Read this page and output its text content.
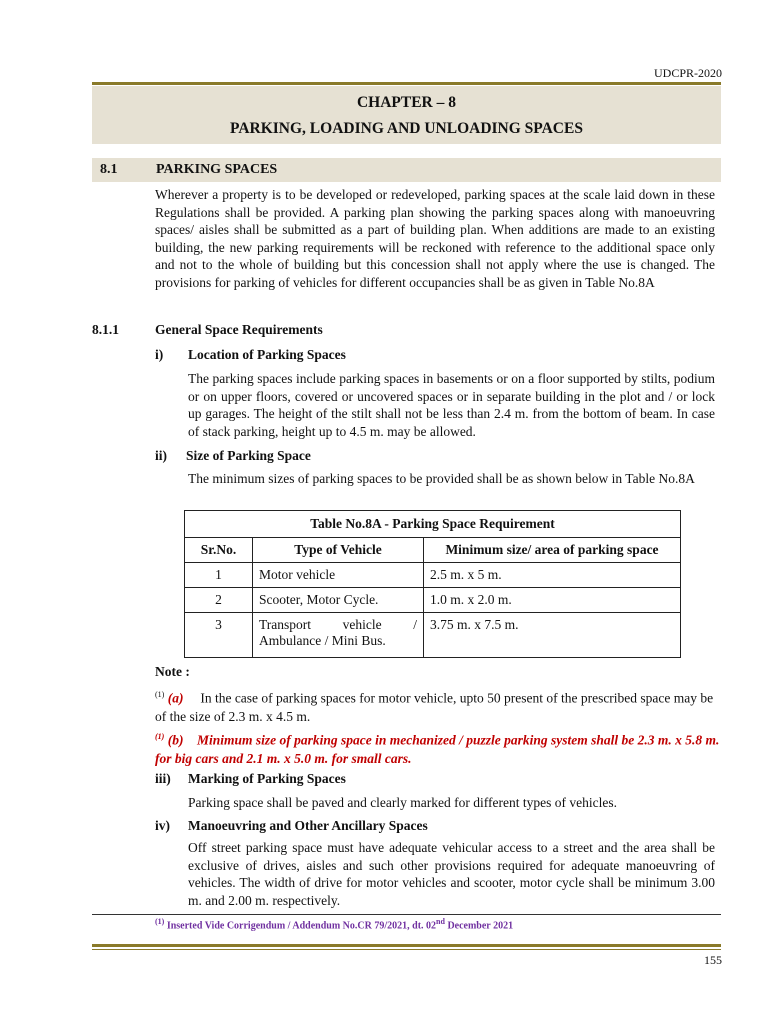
UDCPR-2020
CHAPTER – 8
PARKING, LOADING AND UNLOADING SPACES
8.1	PARKING SPACES

Wherever a property is to be developed or redeveloped, parking spaces at the scale laid down in these Regulations shall be provided. A parking plan showing the parking spaces along with manoeuvring spaces/ aisles shall be submitted as a part of building plan. When additions are made to an existing building, the new parking requirements will be reckoned with reference to the additional space only and not to the whole of building but this concession shall not apply where the use is changed. The provisions for parking of vehicles for different occupancies shall be as given in Table No.8A

8.1.1	General Space Requirements
i) Location of Parking Spaces

The parking spaces include parking spaces in basements or on a floor supported by stilts, podium or on upper floors, covered or uncovered spaces or in separate building in the plot and / or lock up garages. The height of the stilt shall not be less than 2.4 m. from the bottom of beam. In case of stack parking, height up to 4.5 m. may be allowed.

ii) Size of Parking Space

The minimum sizes of parking spaces to be provided shall be as shown below in Table No.8A

Table No.8A - Parking Space Requirement		
Sr.No.	Type of Vehicle	Minimum size/ area of parking space
1	Motor vehicle	2.5 m. x 5 m.
2	Scooter, Motor Cycle.	1.0 m. x 2.0 m.
3	Transport vehicle / Ambulance / Mini Bus.	3.75 m. x 7.5 m.
Note :
$^{(1)}$ (a) In the case of parking spaces for motor vehicle, upto 50 present of the prescribed space may be of the size of 2.3 m. x 4.5 m.
$^{(1)}$ (b) Minimum size of parking space in mechanized / puzzle parking system shall be 2.3 m. x 5.8 m. for big cars and 2.1 m. x 5.0 m. for small cars.
iii) Marking of Parking Spaces

Parking space shall be paved and clearly marked for different types of vehicles.

iv) Manoeuvring and Other Ancillary Spaces

Off street parking space must have adequate vehicular access to a street and the area shall be exclusive of drives, aisles and such other provisions required for adequate manoeuvring of vehicles. The width of drive for motor vehicles and scooter, motor cycle shall be minimum 3.00 m. and 2.00 m. respectively.

$^{(1)}$ Inserted Vide Corrigendum / Addendum No.CR 79/2021, dt. 02nd December 2021
155
